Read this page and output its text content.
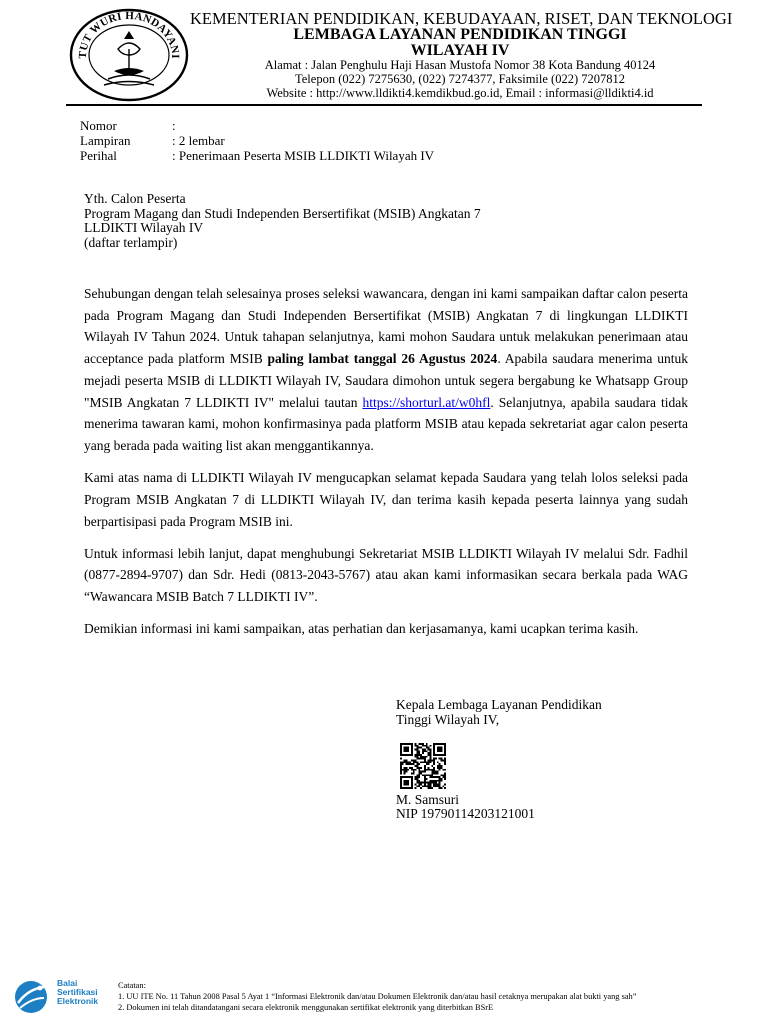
TUT WURI HANDAYANI
KEMENTERIAN PENDIDIKAN, KEBUDAYAAN, RISET, DAN TEKNOLOGI
LEMBAGA LAYANAN PENDIDIKAN TINGGI
WILAYAH IV
Alamat : Jalan Penghulu Haji Hasan Mustofa Nomor 38 Kota Bandung 40124
Telepon (022) 7275630, (022) 7274377, Faksimile (022) 7207812
Website : http://www.lldikti4.kemdikbud.go.id, Email : informasi@lldikti4.id
Nomor	:
Lampiran	: 2 lembar
Perihal	: Penerimaan Peserta MSIB LLDIKTI Wilayah IV
Yth. Calon Peserta
Program Magang dan Studi Independen Bersertifikat (MSIB) Angkatan 7
LLDIKTI Wilayah IV
(daftar terlampir)

Sehubungan dengan telah selesainya proses seleksi wawancara, dengan ini kami sampaikan daftar calon peserta pada Program Magang dan Studi Independen Bersertifikat (MSIB) Angkatan 7 di lingkungan LLDIKTI Wilayah IV Tahun 2024. Untuk tahapan selanjutnya, kami mohon Saudara untuk melakukan penerimaan atau acceptance pada platform MSIB paling lambat tanggal 26 Agustus 2024. Apabila saudara menerima untuk mejadi peserta MSIB di LLDIKTI Wilayah IV, Saudara dimohon untuk segera bergabung ke Whatsapp Group "MSIB Angkatan 7 LLDIKTI IV" melalui tautan https://shorturl.at/w0hfl. Selanjutnya, apabila saudara tidak menerima tawaran kami, mohon konfirmasinya pada platform MSIB atau kepada sekretariat agar calon peserta yang berada pada waiting list akan menggantikannya.

Kami atas nama di LLDIKTI Wilayah IV mengucapkan selamat kepada Saudara yang telah lolos seleksi pada Program MSIB Angkatan 7 di LLDIKTI Wilayah IV, dan terima kasih kepada peserta lainnya yang sudah berpartisipasi pada Program MSIB ini.

Untuk informasi lebih lanjut, dapat menghubungi Sekretariat MSIB LLDIKTI Wilayah IV melalui Sdr. Fadhil (0877-2894-9707) dan Sdr. Hedi (0813-2043-5767) atau akan kami informasikan secara berkala pada WAG “Wawancara MSIB Batch 7 LLDIKTI IV”.

Demikian informasi ini kami sampaikan, atas perhatian dan kerjasamanya, kami ucapkan terima kasih.

Kepala Lembaga Layanan Pendidikan
Tinggi Wilayah IV,
M. Samsuri
NIP 19790114203121001
Balai
Sertifikasi
Elektronik
Catatan:
1. UU ITE No. 11 Tahun 2008 Pasal 5 Ayat 1 “Informasi Elektronik dan/atau Dokumen Elektronik dan/atau hasil cetaknya merupakan alat bukti yang sah”
2. Dokumen ini telah ditandatangani secara elektronik menggunakan sertifikat elektronik yang diterbitkan BSrE
